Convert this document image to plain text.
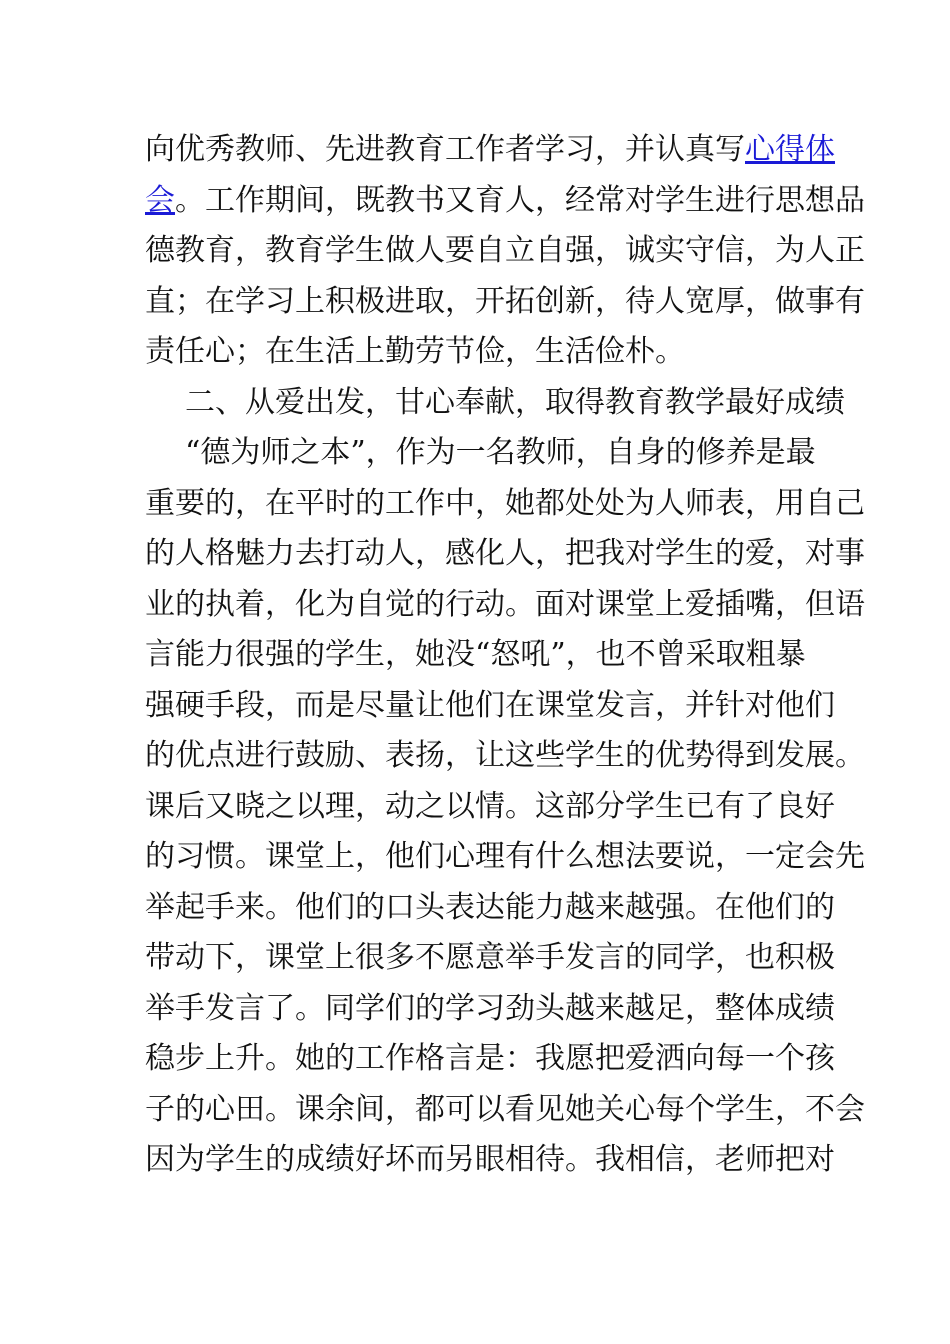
向优秀教师、先进教育工作者学习，并认真写心得体
会。工作期间，既教书又育人，经常对学生进行思想品
德教育，教育学生做人要自立自强，诚实守信，为人正
直；在学习上积极进取，开拓创新，待人宽厚，做事有
责任心；在生活上勤劳节俭，生活俭朴。
二、从爱出发，甘心奉献，取得教育教学最好成绩
“德为师之本”，作为一名教师，自身的修养是最
重要的，在平时的工作中，她都处处为人师表，用自己
的人格魅力去打动人，感化人，把我对学生的爱，对事
业的执着，化为自觉的行动。面对课堂上爱插嘴，但语
言能力很强的学生，她没“怒吼”，也不曾采取粗暴
强硬手段，而是尽量让他们在课堂发言，并针对他们
的优点进行鼓励、表扬，让这些学生的优势得到发展。
课后又晓之以理，动之以情。这部分学生已有了良好
的习惯。课堂上，他们心理有什么想法要说，一定会先
举起手来。他们的口头表达能力越来越强。在他们的
带动下，课堂上很多不愿意举手发言的同学，也积极
举手发言了。同学们的学习劲头越来越足，整体成绩
稳步上升。她的工作格言是：我愿把爱洒向每一个孩
子的心田。课余间，都可以看见她关心每个学生，不会
因为学生的成绩好坏而另眼相待。我相信，老师把对
